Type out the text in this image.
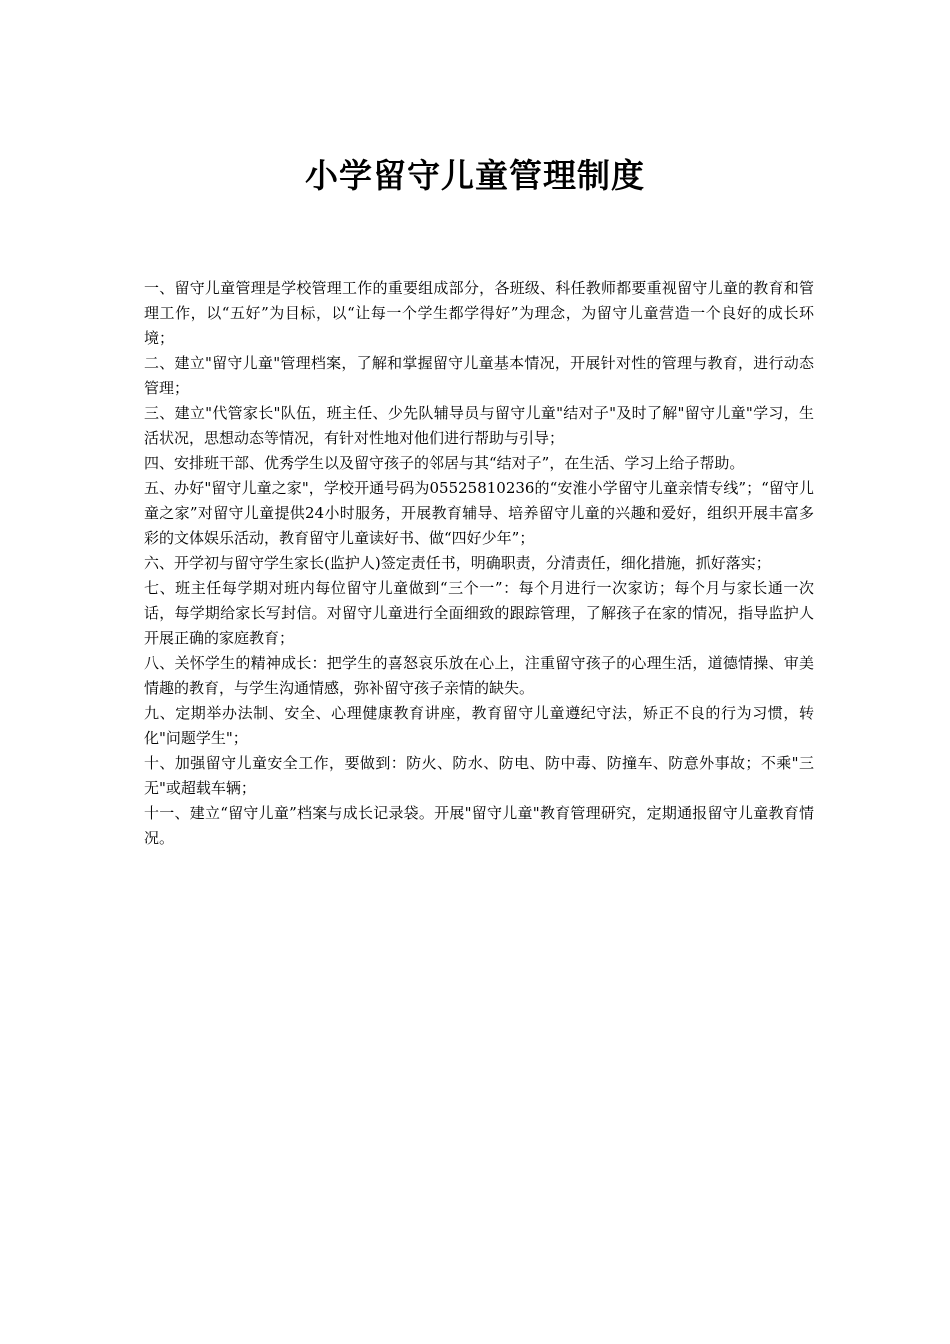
小学留守儿童管理制度

一、留守儿童管理是学校管理工作的重要组成部分，各班级、科任教师都要重视留守儿童的教育和管理工作，以“五好”为目标，以“让每一个学生都学得好”为理念，为留守儿童营造一个良好的成长环境；

二、建立"留守儿童"管理档案，了解和掌握留守儿童基本情况，开展针对性的管理与教育，进行动态管理；

三、建立"代管家长"队伍，班主任、少先队辅导员与留守儿童"结对子"及时了解"留守儿童"学习，生活状况，思想动态等情况，有针对性地对他们进行帮助与引导；

四、安排班干部、优秀学生以及留守孩子的邻居与其“结对子”，在生活、学习上给子帮助。

五、办好"留守儿童之家"，学校开通号码为05525810236的“安淮小学留守儿童亲情专线”；“留守儿童之家”对留守儿童提供24小时服务，开展教育辅导、培养留守儿童的兴趣和爱好，组织开展丰富多彩的文体娱乐活动，教育留守儿童读好书、做“四好少年”；

六、开学初与留守学生家长(监护人)签定责任书，明确职责，分清责任，细化措施，抓好落实；

七、班主任每学期对班内每位留守儿童做到“三个一”：每个月进行一次家访；每个月与家长通一次话，每学期给家长写封信。对留守儿童进行全面细致的跟踪管理，了解孩子在家的情况，指导监护人开展正确的家庭教育；

八、关怀学生的精神成长：把学生的喜怒哀乐放在心上，注重留守孩子的心理生活，道德情操、审美情趣的教育，与学生沟通情感，弥补留守孩子亲情的缺失。

九、定期举办法制、安全、心理健康教育讲座，教育留守儿童遵纪守法，矫正不良的行为习惯，转化"问题学生"；

十、加强留守儿童安全工作，要做到：防火、防水、防电、防中毒、防撞车、防意外事故；不乘"三无"或超载车辆；

十一、建立“留守儿童”档案与成长记录袋。开展"留守儿童"教育管理研究，定期通报留守儿童教育情况。
